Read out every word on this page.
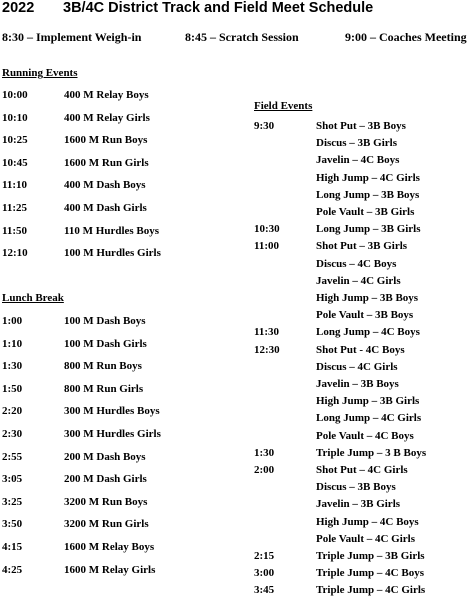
2022 3B/4C District Track and Field Meet Schedule
8:30 – Implement Weigh-in	8:45 – Scratch Session	9:00 – Coaches Meeting
Running Events
10:00	400 M Relay Boys
10:10	400 M Relay Girls
10:25	1600 M Run Boys
10:45	1600 M Run Girls
11:10	400 M Dash Boys
11:25	400 M Dash Girls
11:50	110 M Hurdles Boys
12:10	100 M Hurdles Girls
Lunch Break
1:00	100 M Dash Boys
1:10	100 M Dash Girls
1:30	800 M Run Boys
1:50	800 M Run Girls
2:20	300 M Hurdles Boys
2:30	300 M Hurdles Girls
2:55	200 M Dash Boys
3:05	200 M Dash Girls
3:25	3200 M Run Boys
3:50	3200 M Run Girls
4:15	1600 M Relay Boys
4:25	1600 M Relay Girls
Field Events
9:30	Shot Put – 3B Boys
Discus – 3B Girls
Javelin – 4C Boys
High Jump – 4C Girls
Long Jump – 3B Boys
Pole Vault – 3B Girls
10:30	Long Jump – 3B Girls
11:00	Shot Put – 3B Girls
Discus – 4C Boys
Javelin – 4C Girls
High Jump – 3B Boys
Pole Vault – 3B Boys
11:30	Long Jump – 4C Boys
12:30	Shot Put - 4C Boys
Discus – 4C Girls
Javelin – 3B Boys
High Jump – 3B Girls
Long Jump – 4C Girls
Pole Vault – 4C Boys
1:30	Triple Jump – 3 B Boys
2:00	Shot Put – 4C Girls
Discus – 3B Boys
Javelin – 3B Girls
High Jump – 4C Boys
Pole Vault – 4C Girls
2:15	Triple Jump – 3B Girls
3:00	Triple Jump – 4C Boys
3:45	Triple Jump – 4C Girls
